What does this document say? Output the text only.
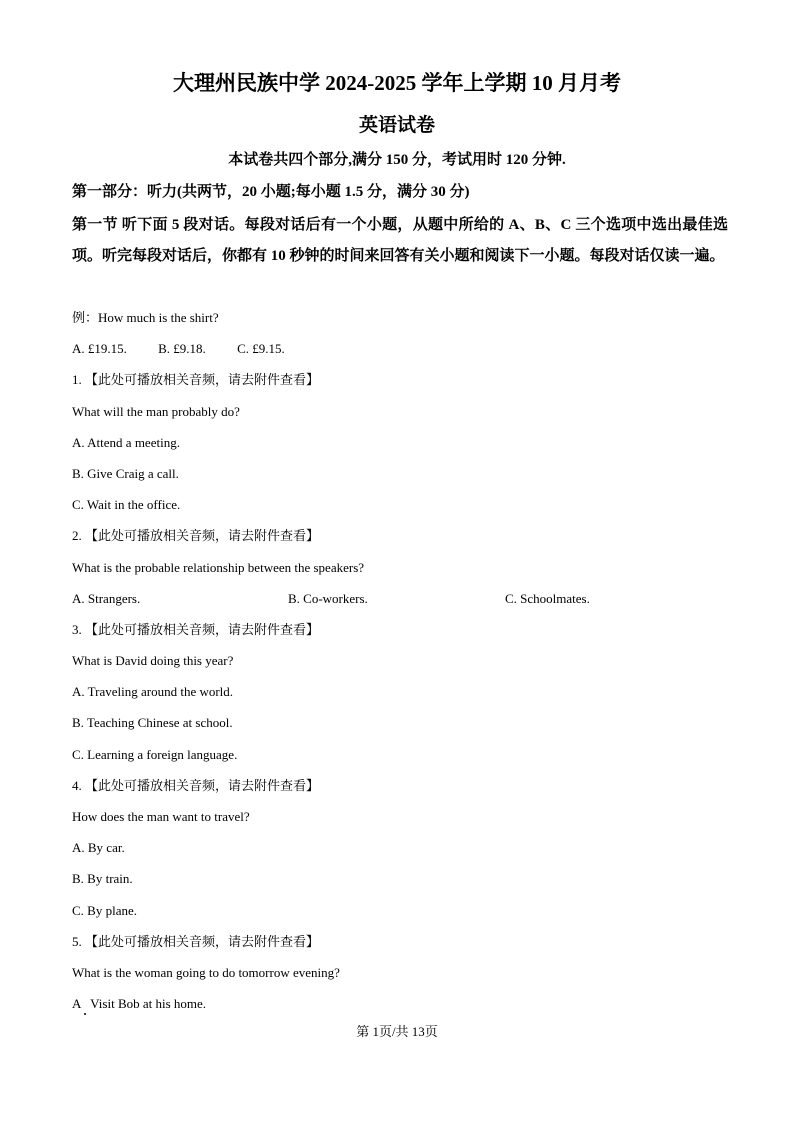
大理州民族中学 2024-2025 学年上学期 10 月月考
英语试卷
本试卷共四个部分,满分 150 分，考试用时 120 分钟.
第一部分：听力(共两节，20 小题;每小题 1.5 分，满分 30 分)
第一节 听下面 5 段对话。每段对话后有一个小题，从题中所给的 A、B、C 三个选项中选出最佳选项。听完每段对话后，你都有 10 秒钟的时间来回答有关小题和阅读下一小题。每段对话仅读一遍。
例：How much is the shirt?
A. £19.15. B. £9.18. C. £9.15.
1. 【此处可播放相关音频，请去附件查看】
What will the man probably do?
A. Attend a meeting.
B. Give Craig a call.
C. Wait in the office.
2. 【此处可播放相关音频，请去附件查看】
What is the probable relationship between the speakers?
A. Strangers.	B. Co-workers.	C. Schoolmates.
3. 【此处可播放相关音频，请去附件查看】
What is David doing this year?
A. Traveling around the world.
B. Teaching Chinese at school.
C. Learning a foreign language.
4. 【此处可播放相关音频，请去附件查看】
How does the man want to travel?
A. By car.
B. By train.
C. By plane.
5. 【此处可播放相关音频，请去附件查看】
What is the woman going to do tomorrow evening?
A   Visit Bob at his home.
第 1页/共 13页
